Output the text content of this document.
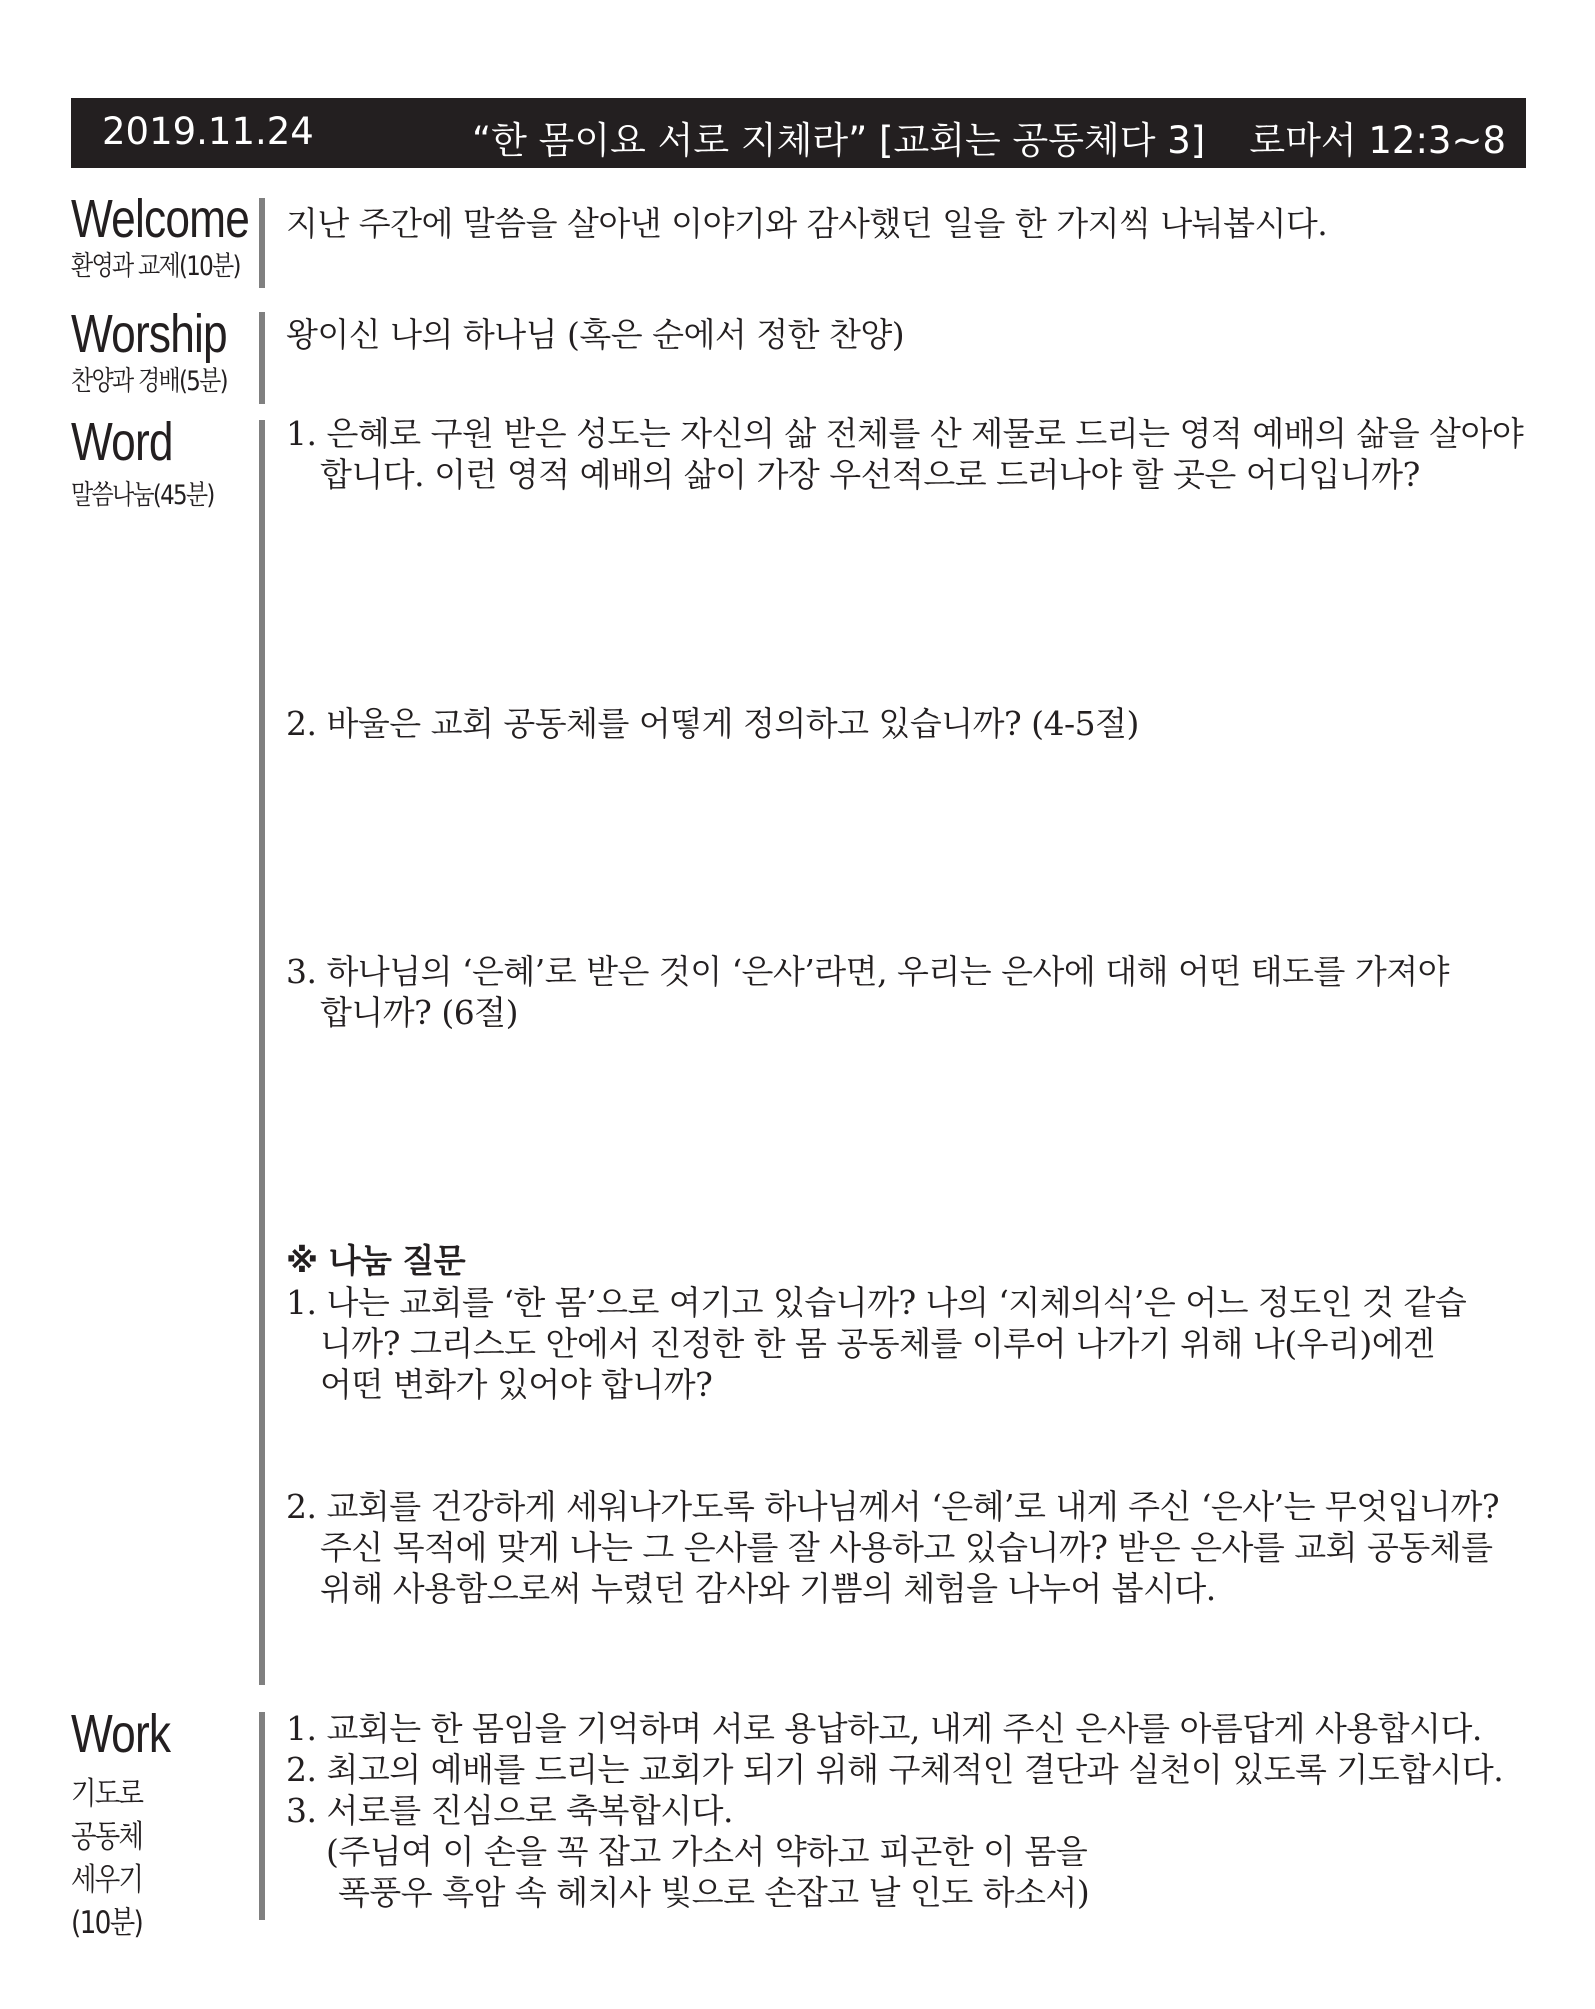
2019.11.24	“한 몸이요 서로 지체라” [교회는 공동체다 3] 로마서 12:3~8
Welcome
환영과 교제(10분)
지난 주간에 말씀을 살아낸 이야기와 감사했던 일을 한 가지씩 나눠봅시다.
Worship
찬양과 경배(5분)
왕이신 나의 하나님 (혹은 순에서 정한 찬양)
Word
말씀나눔(45분)
1. 은혜로 구원 받은 성도는 자신의 삶 전체를 산 제물로 드리는 영적 예배의 삶을 살아야
합니다. 이런 영적 예배의 삶이 가장 우선적으로 드러나야 할 곳은 어디입니까?
2. 바울은 교회 공동체를 어떻게 정의하고 있습니까? (4-5절)
3. 하나님의 ‘은혜’로 받은 것이 ‘은사’라면, 우리는 은사에 대해 어떤 태도를 가져야
합니까? (6절)
※ 나눔 질문
1. 나는 교회를 ‘한 몸’으로 여기고 있습니까? 나의 ‘지체의식’은 어느 정도인 것 같습
니까? 그리스도 안에서 진정한 한 몸 공동체를 이루어 나가기 위해 나(우리)에겐
어떤 변화가 있어야 합니까?
2. 교회를 건강하게 세워나가도록 하나님께서 ‘은혜’로 내게 주신 ‘은사’는 무엇입니까?
주신 목적에 맞게 나는 그 은사를 잘 사용하고 있습니까? 받은 은사를 교회 공동체를
위해 사용함으로써 누렸던 감사와 기쁨의 체험을 나누어 봅시다.
Work
기도로
공동체
세우기
(10분)
1. 교회는 한 몸임을 기억하며 서로 용납하고, 내게 주신 은사를 아름답게 사용합시다.
2. 최고의 예배를 드리는 교회가 되기 위해 구체적인 결단과 실천이 있도록 기도합시다.
3. 서로를 진심으로 축복합시다.
(주님여 이 손을 꼭 잡고 가소서 약하고 피곤한 이 몸을
폭풍우 흑암 속 헤치사 빛으로 손잡고 날 인도 하소서)
